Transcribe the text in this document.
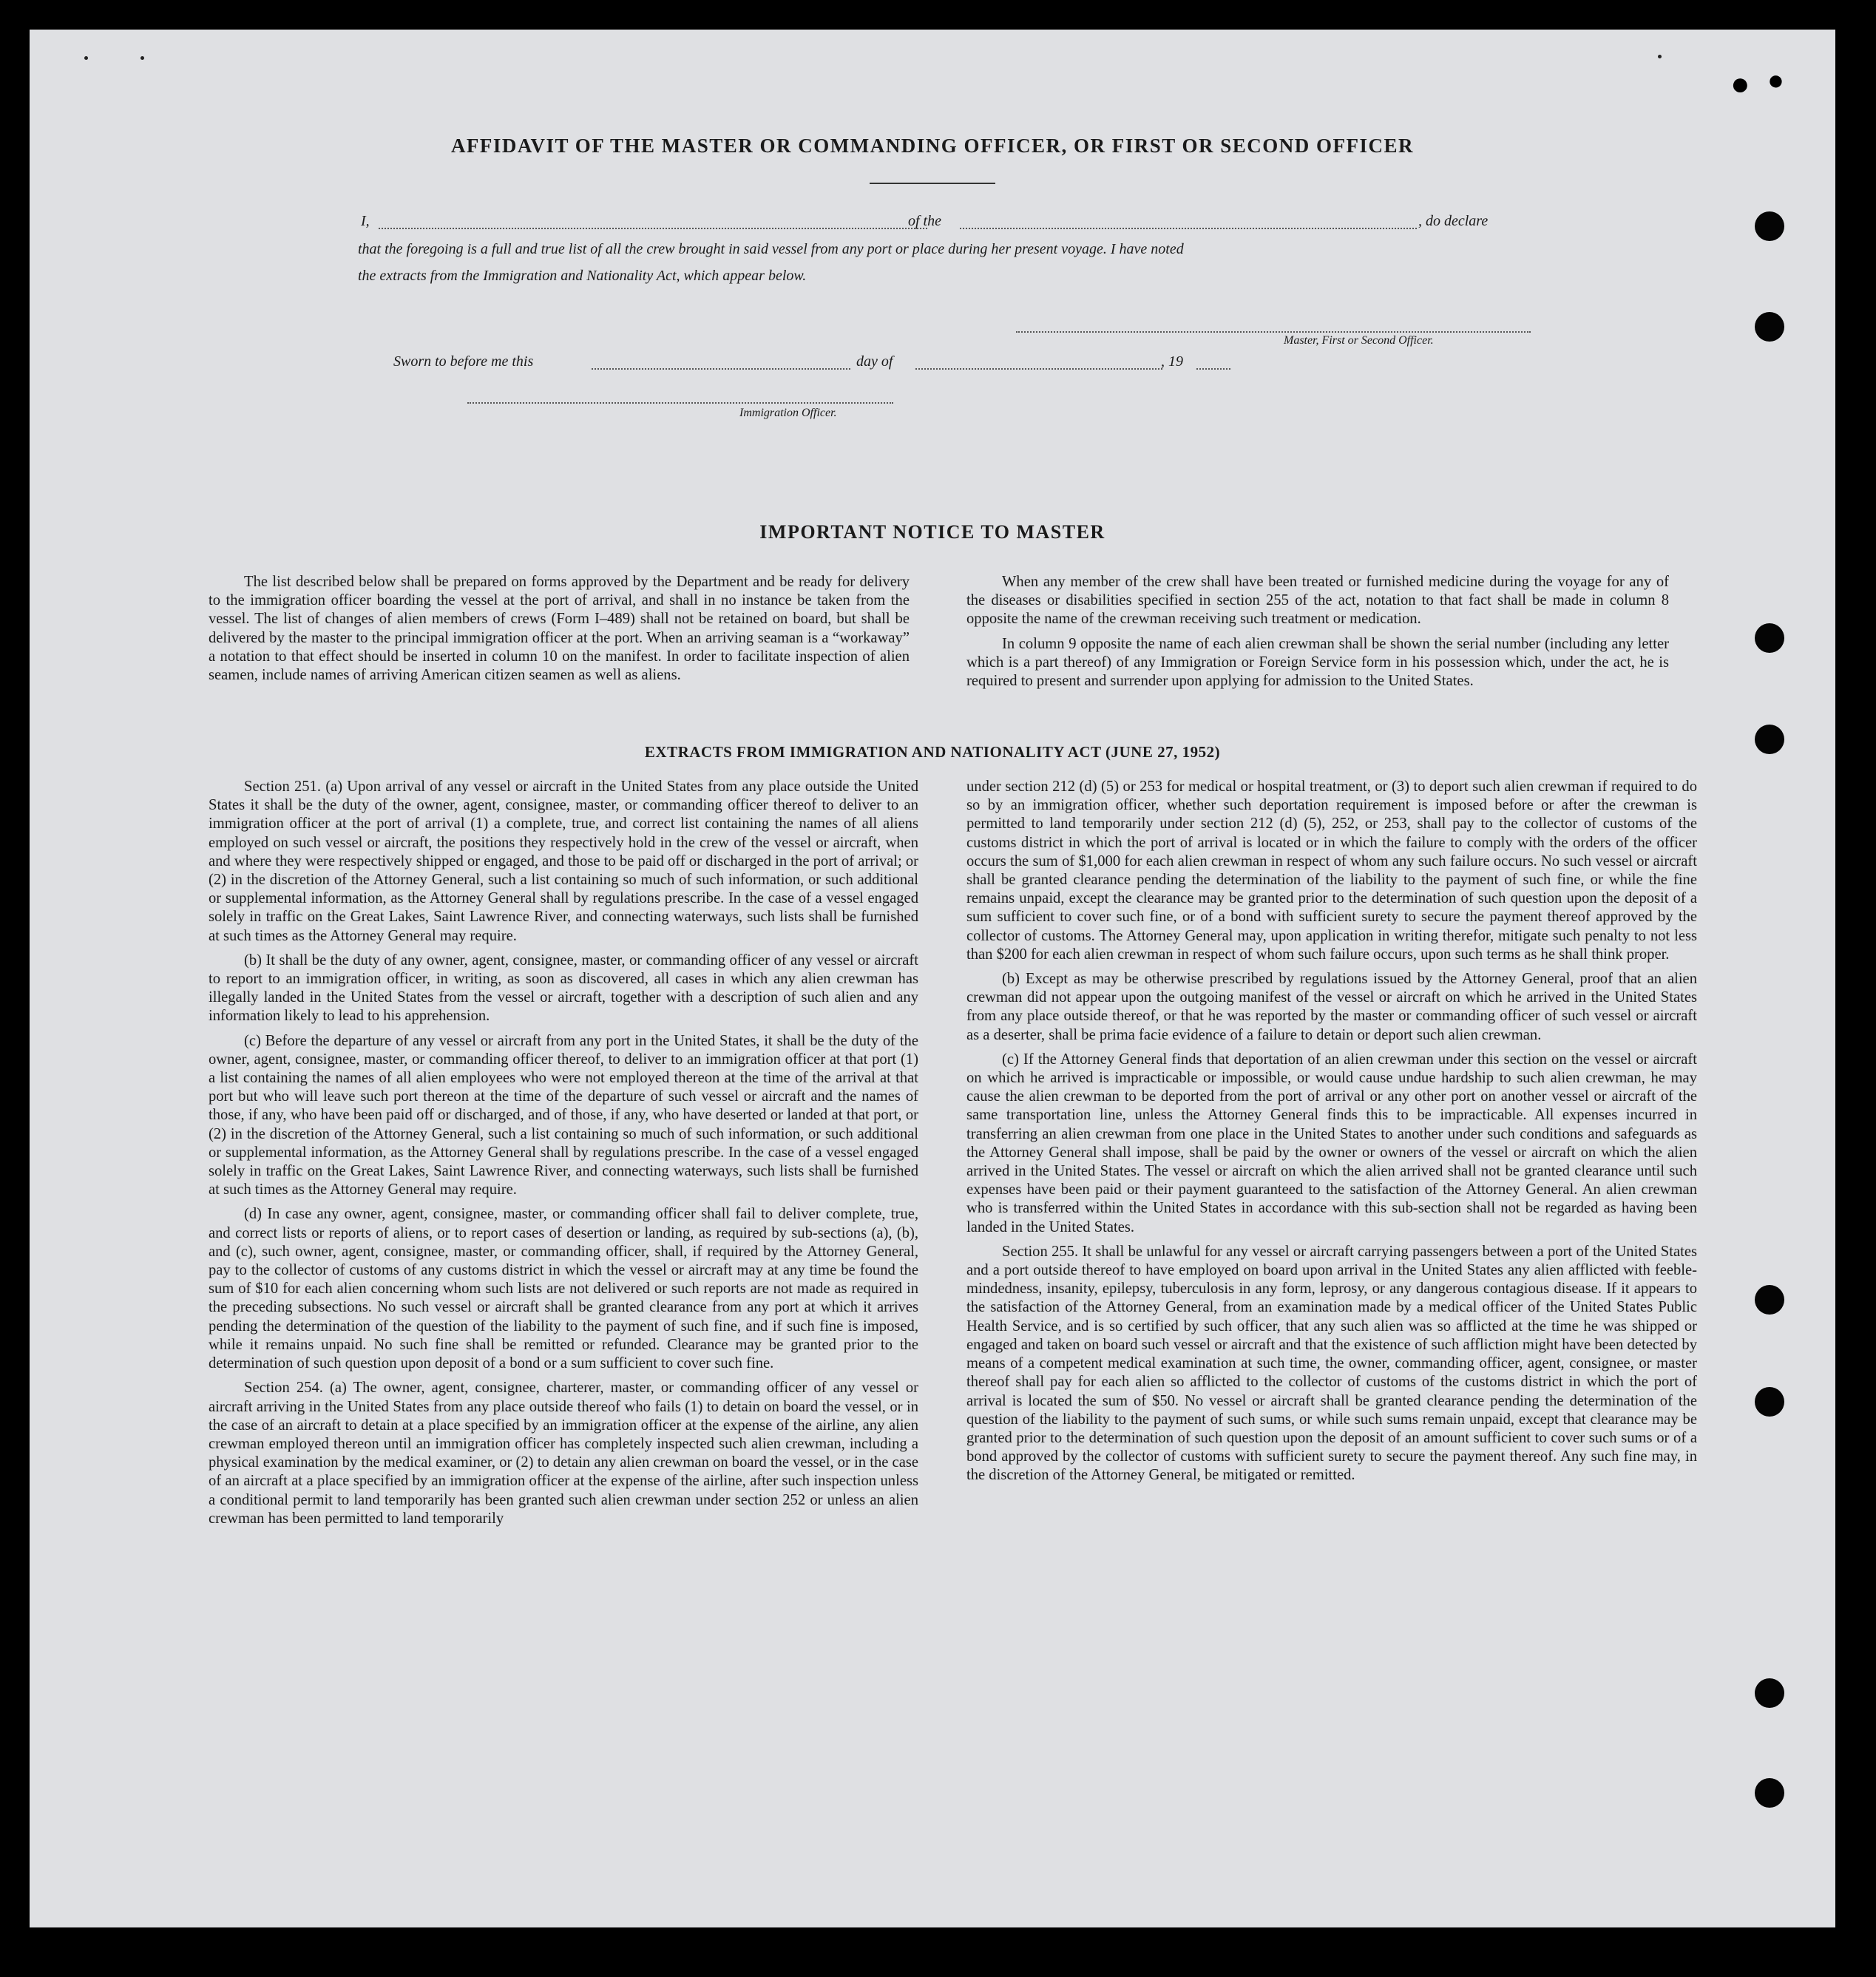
● ●
AFFIDAVIT OF THE MASTER OR COMMANDING OFFICER, OR FIRST OR SECOND OFFICER
I,	of the	, do declare
that the foregoing is a full and true list of all the crew brought in said vessel from any port or place during her present voyage. I have noted
the extracts from the Immigration and Nationality Act, which appear below.
Master, First or Second Officer.
Sworn to before me this	day of	, 19
Immigration Officer.
IMPORTANT NOTICE TO MASTER

The list described below shall be prepared on forms approved by the Department and be ready for delivery to the immigration officer boarding the vessel at the port of arrival, and shall in no instance be taken from the vessel. The list of changes of alien members of crews (Form I–489) shall not be retained on board, but shall be delivered by the master to the principal immigration officer at the port. When an arriving seaman is a “workaway” a notation to that effect should be inserted in column 10 on the manifest. In order to facilitate inspection of alien seamen, include names of arriving American citizen seamen as well as aliens.

When any member of the crew shall have been treated or furnished medicine during the voyage for any of the diseases or disabilities specified in section 255 of the act, notation to that fact shall be made in column 8 opposite the name of the crewman receiving such treatment or medication.

In column 9 opposite the name of each alien crewman shall be shown the serial number (including any letter which is a part thereof) of any Immigration or Foreign Service form in his possession which, under the act, he is required to present and surrender upon applying for admission to the United States.

EXTRACTS FROM IMMIGRATION AND NATIONALITY ACT (JUNE 27, 1952)

Section 251. (a) Upon arrival of any vessel or aircraft in the United States from any place outside the United States it shall be the duty of the owner, agent, consignee, master, or commanding officer thereof to deliver to an immigration officer at the port of arrival (1) a complete, true, and correct list containing the names of all aliens employed on such vessel or aircraft, the positions they respectively hold in the crew of the vessel or aircraft, when and where they were respectively shipped or engaged, and those to be paid off or discharged in the port of arrival; or (2) in the discretion of the Attorney General, such a list containing so much of such information, or such additional or supplemental information, as the Attorney General shall by regulations prescribe. In the case of a vessel engaged solely in traffic on the Great Lakes, Saint Lawrence River, and connecting waterways, such lists shall be furnished at such times as the Attorney General may require.

(b) It shall be the duty of any owner, agent, consignee, master, or commanding officer of any vessel or aircraft to report to an immigration officer, in writing, as soon as discovered, all cases in which any alien crewman has illegally landed in the United States from the vessel or aircraft, together with a description of such alien and any information likely to lead to his apprehension.

(c) Before the departure of any vessel or aircraft from any port in the United States, it shall be the duty of the owner, agent, consignee, master, or commanding officer thereof, to deliver to an immigration officer at that port (1) a list containing the names of all alien employees who were not employed thereon at the time of the arrival at that port but who will leave such port thereon at the time of the departure of such vessel or aircraft and the names of those, if any, who have been paid off or discharged, and of those, if any, who have deserted or landed at that port, or (2) in the discretion of the Attorney General, such a list containing so much of such information, or such additional or supplemental information, as the Attorney General shall by regulations prescribe. In the case of a vessel engaged solely in traffic on the Great Lakes, Saint Lawrence River, and connecting waterways, such lists shall be furnished at such times as the Attorney General may require.

(d) In case any owner, agent, consignee, master, or commanding officer shall fail to deliver complete, true, and correct lists or reports of aliens, or to report cases of desertion or landing, as required by sub-sections (a), (b), and (c), such owner, agent, consignee, master, or commanding officer, shall, if required by the Attorney General, pay to the collector of customs of any customs district in which the vessel or aircraft may at any time be found the sum of $10 for each alien concerning whom such lists are not delivered or such reports are not made as required in the preceding subsections. No such vessel or aircraft shall be granted clearance from any port at which it arrives pending the determination of the question of the liability to the payment of such fine, and if such fine is imposed, while it remains unpaid. No such fine shall be remitted or refunded. Clearance may be granted prior to the determination of such question upon deposit of a bond or a sum sufficient to cover such fine.

Section 254. (a) The owner, agent, consignee, charterer, master, or commanding officer of any vessel or aircraft arriving in the United States from any place outside thereof who fails (1) to detain on board the vessel, or in the case of an aircraft to detain at a place specified by an immigration officer at the expense of the airline, any alien crewman employed thereon until an immigration officer has completely inspected such alien crewman, including a physical examination by the medical examiner, or (2) to detain any alien crewman on board the vessel, or in the case of an aircraft at a place specified by an immigration officer at the expense of the airline, after such inspection unless a conditional permit to land temporarily has been granted such alien crewman under section 252 or unless an alien crewman has been permitted to land temporarily

under section 212 (d) (5) or 253 for medical or hospital treatment, or (3) to deport such alien crewman if required to do so by an immigration officer, whether such deportation requirement is imposed before or after the crewman is permitted to land temporarily under section 212 (d) (5), 252, or 253, shall pay to the collector of customs of the customs district in which the port of arrival is located or in which the failure to comply with the orders of the officer occurs the sum of $1,000 for each alien crewman in respect of whom any such failure occurs. No such vessel or aircraft shall be granted clearance pending the determination of the liability to the payment of such fine, or while the fine remains unpaid, except the clearance may be granted prior to the determination of such question upon the deposit of a sum sufficient to cover such fine, or of a bond with sufficient surety to secure the payment thereof approved by the collector of customs. The Attorney General may, upon application in writing therefor, mitigate such penalty to not less than $200 for each alien crewman in respect of whom such failure occurs, upon such terms as he shall think proper.

(b) Except as may be otherwise prescribed by regulations issued by the Attorney General, proof that an alien crewman did not appear upon the outgoing manifest of the vessel or aircraft on which he arrived in the United States from any place outside thereof, or that he was reported by the master or commanding officer of such vessel or aircraft as a deserter, shall be prima facie evidence of a failure to detain or deport such alien crewman.

(c) If the Attorney General finds that deportation of an alien crewman under this section on the vessel or aircraft on which he arrived is impracticable or impossible, or would cause undue hardship to such alien crewman, he may cause the alien crewman to be deported from the port of arrival or any other port on another vessel or aircraft of the same transportation line, unless the Attorney General finds this to be impracticable. All expenses incurred in transferring an alien crewman from one place in the United States to another under such conditions and safeguards as the Attorney General shall impose, shall be paid by the owner or owners of the vessel or aircraft on which the alien arrived in the United States. The vessel or aircraft on which the alien arrived shall not be granted clearance until such expenses have been paid or their payment guaranteed to the satisfaction of the Attorney General. An alien crewman who is transferred within the United States in accordance with this sub-section shall not be regarded as having been landed in the United States.

Section 255. It shall be unlawful for any vessel or aircraft carrying passengers between a port of the United States and a port outside thereof to have employed on board upon arrival in the United States any alien afflicted with feeble-mindedness, insanity, epilepsy, tuberculosis in any form, leprosy, or any dangerous contagious disease. If it appears to the satisfaction of the Attorney General, from an examination made by a medical officer of the United States Public Health Service, and is so certified by such officer, that any such alien was so afflicted at the time he was shipped or engaged and taken on board such vessel or aircraft and that the existence of such affliction might have been detected by means of a competent medical examination at such time, the owner, commanding officer, agent, consignee, or master thereof shall pay for each alien so afflicted to the collector of customs of the customs district in which the port of arrival is located the sum of $50. No vessel or aircraft shall be granted clearance pending the determination of the question of the liability to the payment of such sums, or while such sums remain unpaid, except that clearance may be granted prior to the determination of such question upon the deposit of an amount sufficient to cover such sums or of a bond approved by the collector of customs with sufficient surety to secure the payment thereof. Any such fine may, in the discretion of the Attorney General, be mitigated or remitted.
